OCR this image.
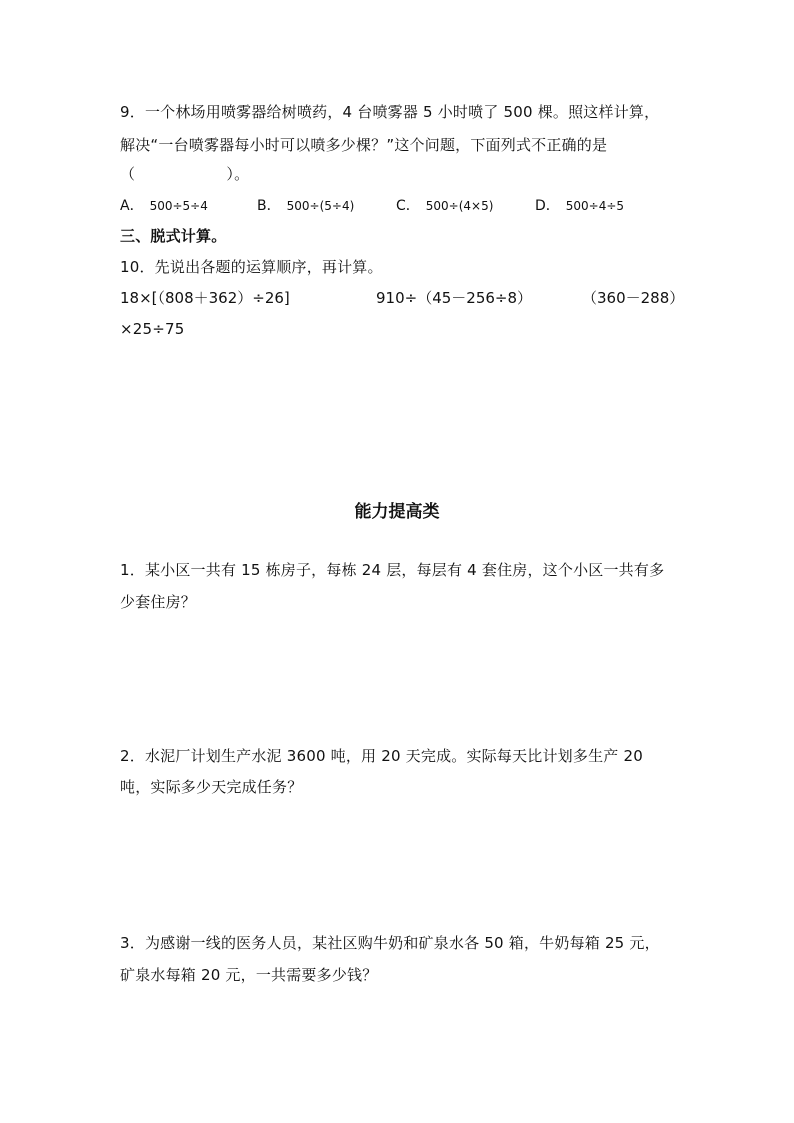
9．一个林场用喷雾器给树喷药，4 台喷雾器 5 小时喷了 500 棵。照这样计算，
解决“一台喷雾器每小时可以喷多少棵？”这个问题，下面列式不正确的是
（　　　　　　）。
A． 500÷5÷4	B． 500÷(5÷4)	C． 500÷(4×5)	D． 500÷4÷5
三、脱式计算。
10．先说出各题的运算顺序，再计算。
18×[（808＋362）÷26]	910÷（45－256÷8）	（360－288）
×25÷75
能力提高类
1．某小区一共有 15 栋房子，每栋 24 层，每层有 4 套住房，这个小区一共有多
少套住房？
2．水泥厂计划生产水泥 3600 吨，用 20 天完成。实际每天比计划多生产 20
吨，实际多少天完成任务？
3．为感谢一线的医务人员，某社区购牛奶和矿泉水各 50 箱，牛奶每箱 25 元，
矿泉水每箱 20 元，一共需要多少钱？
